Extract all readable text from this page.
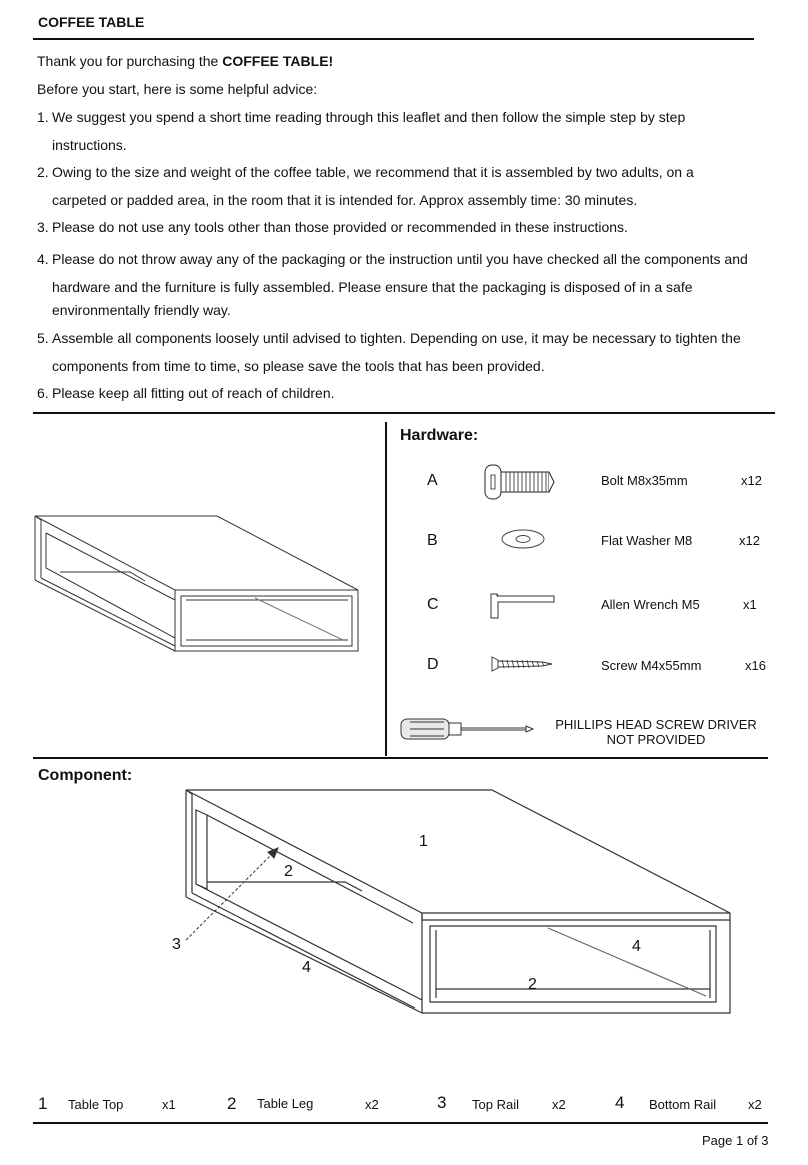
COFFEE TABLE
Thank you for purchasing the COFFEE TABLE!
Before you start, here is some helpful advice:
1. We suggest you spend a short time reading through this leaflet and then follow the simple step by step
instructions.
2. Owing to the size and weight of the coffee table, we recommend that it is assembled by two adults, on a
carpeted or padded area, in the room that it is intended for. Approx assembly time: 30 minutes.
3. Please do not use any tools other than those provided or recommended in these instructions.
4. Please do not throw away any of the packaging or the instruction until you have checked all the components and
hardware and the furniture is fully assembled. Please ensure that the packaging is disposed of in a safe
environmentally friendly way.
5. Assemble all components loosely until advised to tighten. Depending on use, it may be necessary to tighten the
components from time to time, so please save the tools that has been provided.
6. Please keep all fitting out of reach of children.
Hardware:
A	Bolt M8x35mm	x12
B	Flat Washer M8	x12
C	Allen Wrench M5	x1
D	Screw M4x55mm	x16
PHILLIPS HEAD SCREW DRIVER
NOT PROVIDED
Component:
1
2
3
4
4
2
1 Table Top	x1	2 Table Leg	x2	3 Top Rail	x2	4 Bottom Rail x2
Page 1 of 3
